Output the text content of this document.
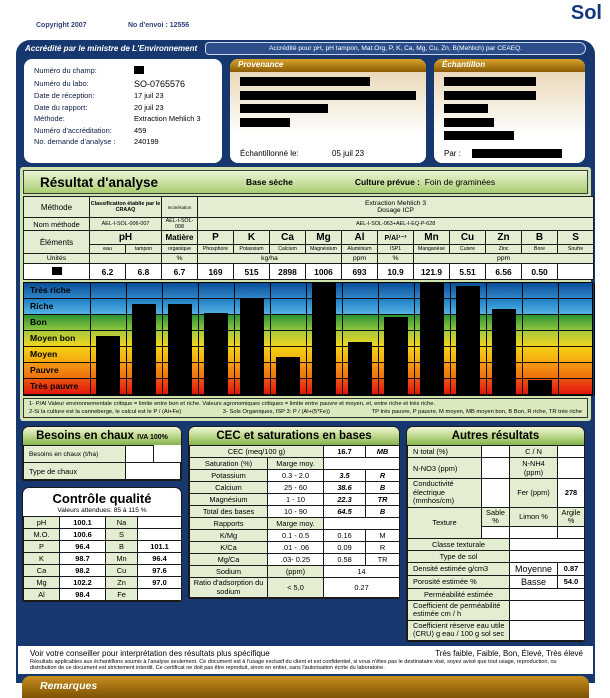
Copyright 2007	No d'envoi : 12556
Sol
Accrédité par le ministre de L'Environnement	Accrédité pour pH, pH tampon, Mat.Org, P, K, Ca, Mg, Cu, Zn, B(Mehlich) par CEAEQ.
Numéro du champ:
Numéro du labo:	SO-0765576
Date de réception:	17 juil 23
Date du rapport:	20 juil 23
Méthode:	Extraction Mehlich 3
Numéro d'accréditation:	459
No. demande d'analyse :	240199
Provenance
Échantillonné le:	05 juil 23
Échantillon
Par :
Résultat d'analyse	Base sèche	Culture prévue : Foin de graminées
Méthode	Classification établie par le CRAAQ		Incinération	Extraction Mehlich 3
Dosage ICP										
Nom méthode	AEL-I-SOL-006-007		AEL-I-SOL-008	AEL-I-SOL-063+AEL-I-EQ-P-628										
Éléments	pH		Matière	P	K	Ca	Mg	Al	P/Al¹⁻³	Mn	Cu	Zn	B	S
	eau	tampon	organique	Phosphore	Potassium	Calcium	Magnésium	Aluminium	ISP1	Manganèse	Cuivre	Zinc	Bore	Soufre
Unités			%	kg/ha				ppm	%	ppm				
	6.2	6.8	6.7	169	515	2898	1006	693	10.9	121.9	5.51	6.56	0.50	
Très riche
Riche
Bon
Moyen bon
Moyen
Pauvre
Très pauvre
1- P/Al Valeur environnementale critique = limite entre bon et riche. Valeurs agronomiques critiques = limite entre pauvre et moyen, et, entre riche et très riche.
2-Si la culture est la canneberge, le calcul est le P / (Al+Fe)	3- Sols Organiques, ISP 3: P / (Al+(5*Fe))	TP très pauvre, P pauvre, M moyen, MB moyen bon, B Bon, R riche, TR très riche
Besoins en chaux IVA 100%
Besoins en chaux (t/ha)	
Type de chaux	
Contrôle qualité
Valeurs attendues: 85 à 115 %
pH	100.1	Na	
M.O.	100.6	S	
P	96.4	B	101.1
K	98.7	Mn	96.4
Ca	98.2	Cu	97.6
Mg	102.2	Zn	97.0
Al	98.4	Fe	
CEC et saturations en bases
CEC (meq/100 g)		16.7	MB
Saturation (%)	Marge moy.		
Potassium	0.3 - 2.0	3.5	R
Calcium	25 - 60	38.6	B
Magnésium	1 - 10	22.3	TR
Total des bases	10 - 90	64.5	B
Rapports	Marge moy.		
K/Mg	0.1 - 0.5	0.16	M
K/Ca	.01 - .06	0.09	R
Mg/Ca	.03- 0.25	0.58	TR
Sodium	(ppm)	14	
Ratio d'adsorption du sodium	< 5,0	0.27	
Autres résultats
N total (%)		C / N	
N-NO3 (ppm)		N-NH4 (ppm)	
Conductivité électrique (mmhos/cm)		Fer (ppm)	278
Texture	Sable %	Limon %	Argile %

Classe texturale			
Type de sol			
Densité estimée g/cm3		Moyenne	0.87
Porosité estimée %		Basse	54.0
Perméabilité estimée			
Coefficient de perméabilité estimée cm / h			
Coefficient réserve eau utile (CRU) g eau / 100 g sol sec			
Voir votre conseiller pour interprétation des résultats plus spécifique	Très faible, Faible, Bon, Élevé, Très élevé
Résultats applicables aux échantillons soumis à l'analyse seulement. Ce document est à l'usage exclusif du client et est confidentiel, si vous n'êtes pas le destinataire visé, soyez avisé que tout usage, reproduction, ou distribution de ce document est strictement interdit. Ce certificat ne doit pas être reproduit, sinon en entier, sans l'autorisation écrite du laboratoire.
Remarques
